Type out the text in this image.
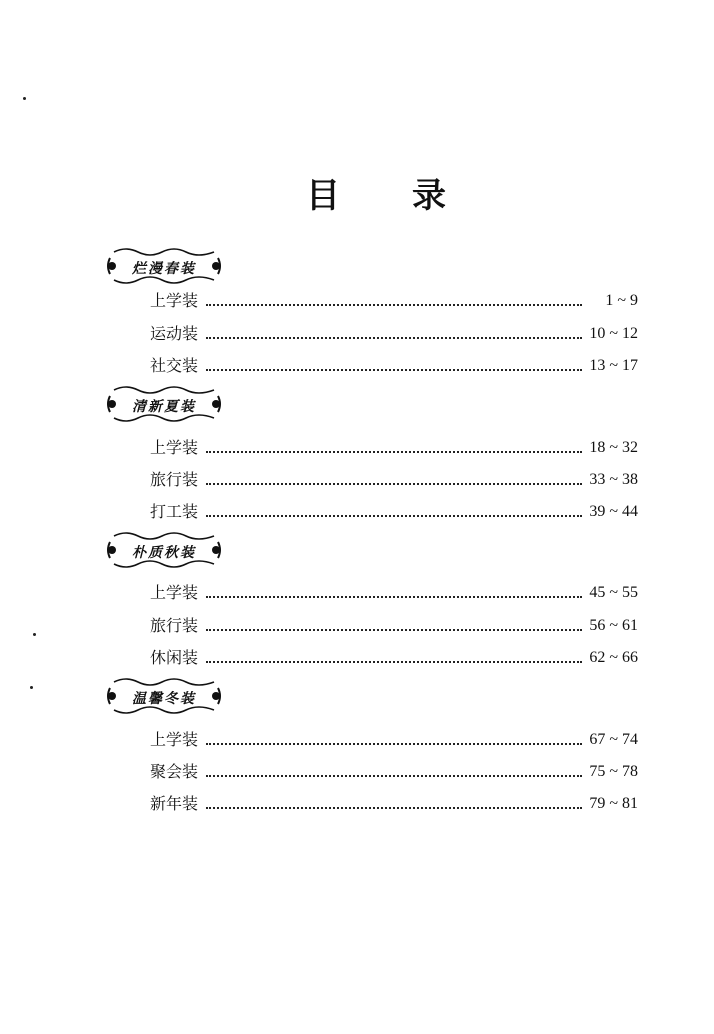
目 录
烂漫春装
上学装	1 ~ 9
运动装	10 ~ 12
社交装	13 ~ 17
清新夏装
上学装	18 ~ 32
旅行装	33 ~ 38
打工装	39 ~ 44
朴质秋装
上学装	45 ~ 55
旅行装	56 ~ 61
休闲装	62 ~ 66
温馨冬装
上学装	67 ~ 74
聚会装	75 ~ 78
新年装	79 ~ 81
